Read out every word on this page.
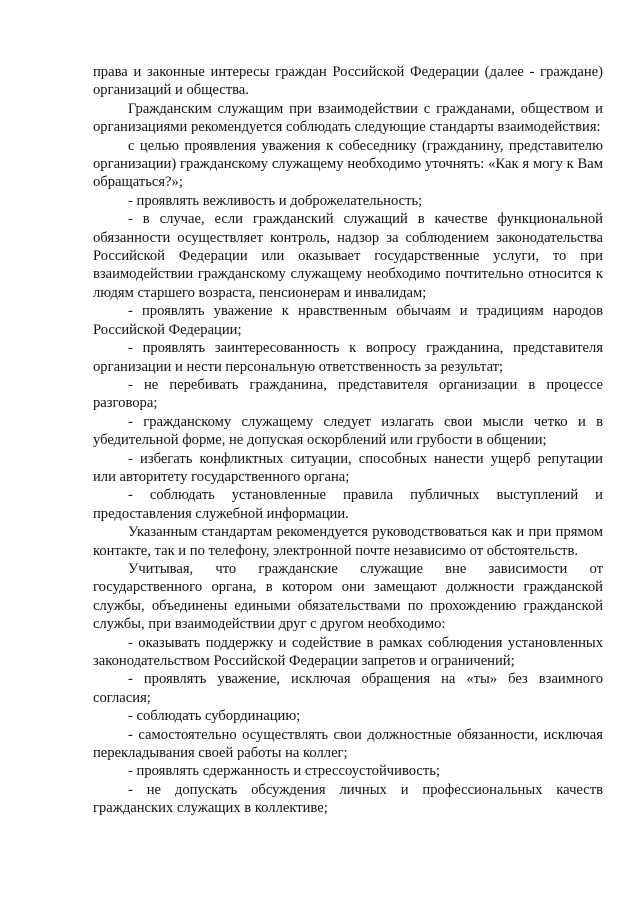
права и законные интересы граждан Российской Федерации (далее - граждане) организаций и общества.

Гражданским служащим при взаимодействии с гражданами, обществом и организациями рекомендуется соблюдать следующие стандарты взаимодействия:

с целью проявления уважения к собеседнику (гражданину, представителю организации) гражданскому служащему необходимо уточнять: «Как я могу к Вам обращаться?»;

- проявлять вежливость и доброжелательность;

- в случае, если гражданский служащий в качестве функциональной обязанности осуществляет контроль, надзор за соблюдением законодательства Российской Федерации или оказывает государственные услуги, то при взаимодействии гражданскому служащему необходимо почтительно относится к людям старшего возраста, пенсионерам и инвалидам;

- проявлять уважение к нравственным обычаям и традициям народов Российской Федерации;

- проявлять заинтересованность к вопросу гражданина, представителя организации и нести персональную ответственность за результат;

- не перебивать гражданина, представителя организации в процессе разговора;

- гражданскому служащему следует излагать свои мысли четко и в убедительной форме, не допуская оскорблений или грубости в общении;

- избегать конфликтных ситуации, способных нанести ущерб репутации или авторитету государственного органа;

- соблюдать установленные правила публичных выступлений и предоставления служебной информации.

Указанным стандартам рекомендуется руководствоваться как и при прямом контакте, так и по телефону, электронной почте независимо от обстоятельств.

Учитывая, что гражданские служащие вне зависимости от государственного органа, в котором они замещают должности гражданской службы, объединены едиными обязательствами по прохождению гражданской службы, при взаимодействии друг с другом необходимо:

- оказывать поддержку и содействие в рамках соблюдения установленных законодательством Российской Федерации запретов и ограничений;

- проявлять уважение, исключая обращения на «ты» без взаимного согласия;

- соблюдать субординацию;

- самостоятельно осуществлять свои должностные обязанности, исключая перекладывания своей работы на коллег;

- проявлять сдержанность и стрессоустойчивость;

- не допускать обсуждения личных и профессиональных качеств гражданских служащих в коллективе;
